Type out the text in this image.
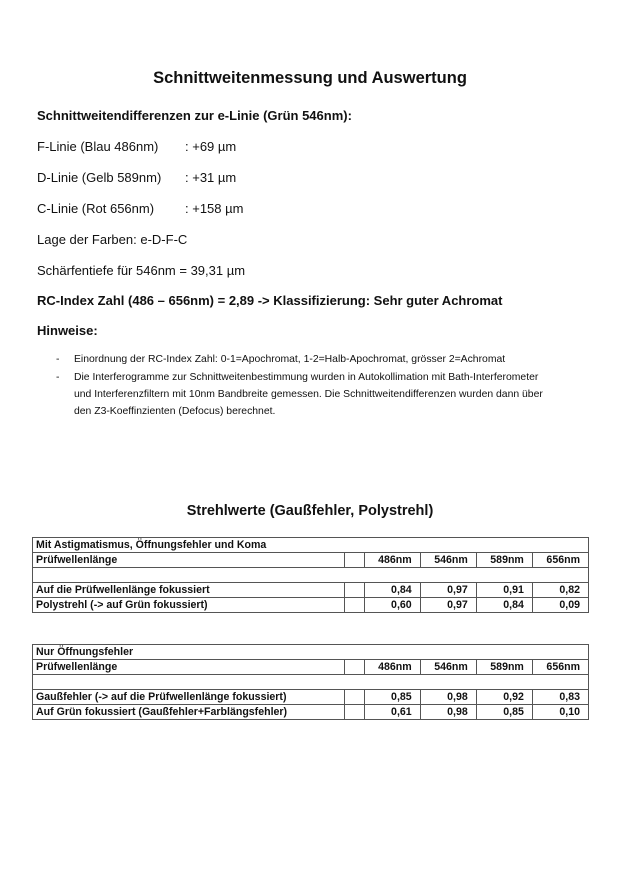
Schnittweitenmessung und Auswertung
Schnittweitendifferenzen zur e-Linie (Grün 546nm):
F-Linie (Blau 486nm) : +69 µm
D-Linie (Gelb 589nm) : +31 µm
C-Linie (Rot 656nm) : +158 µm
Lage der Farben: e-D-F-C
Schärfentiefe für 546nm = 39,31 µm
RC-Index Zahl (486 – 656nm) = 2,89 -> Klassifizierung: Sehr guter Achromat
Hinweise:
- Einordnung der RC-Index Zahl: 0-1=Apochromat, 1-2=Halb-Apochromat, grösser 2=Achromat
- Die Interferogramme zur Schnittweitenbestimmung wurden in Autokollimation mit Bath-Interferometer und Interferenzfiltern mit 10nm Bandbreite gemessen. Die Schnittweitendifferenzen wurden dann über den Z3-Koeffinzienten (Defocus) berechnet.
Strehlwerte (Gaußfehler, Polystrehl)
Mit Astigmatismus, Öffnungsfehler und Koma					
Prüfwellenlänge		486nm	546nm	589nm	656nm

Auf die Prüfwellenlänge fokussiert		0,84	0,97	0,91	0,82
Polystrehl (-> auf Grün fokussiert)		0,60	0,97	0,84	0,09
Nur Öffnungsfehler					
Prüfwellenlänge		486nm	546nm	589nm	656nm

Gaußfehler (-> auf die Prüfwellenlänge fokussiert)		0,85	0,98	0,92	0,83
Auf Grün fokussiert (Gaußfehler+Farblängsfehler)		0,61	0,98	0,85	0,10
